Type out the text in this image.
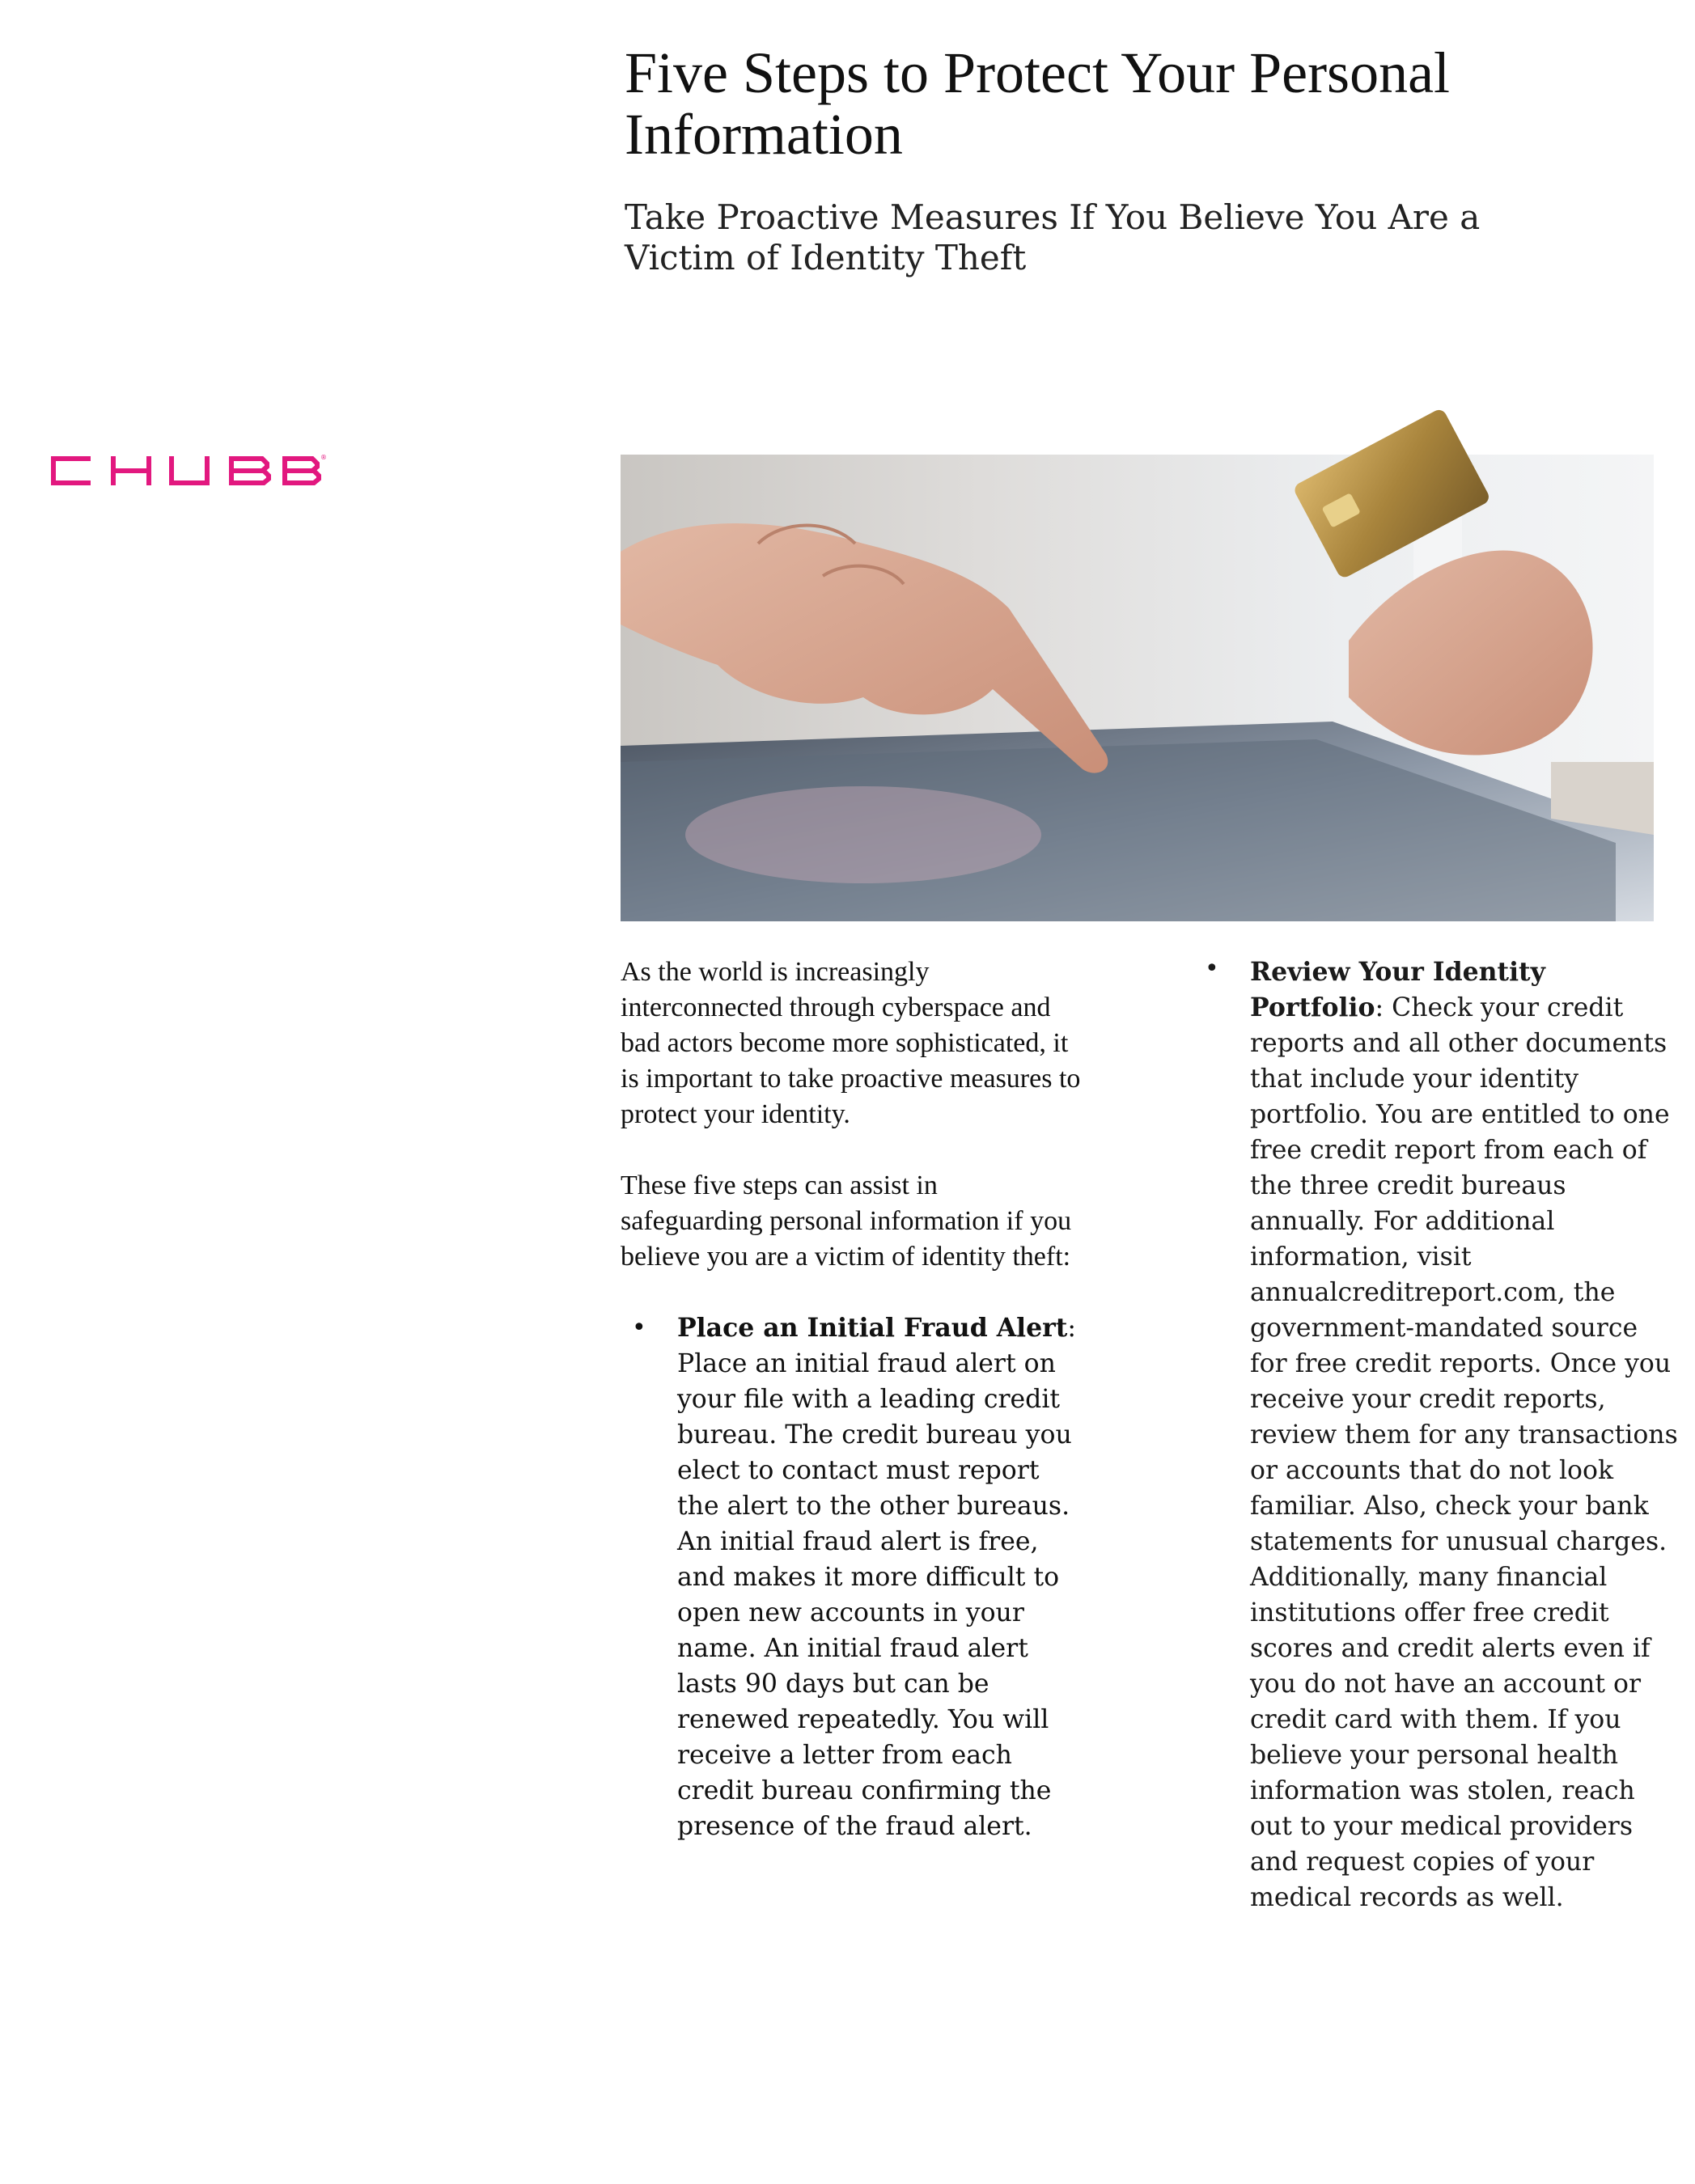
Five Steps to Protect Your Personal Information
Take Proactive Measures If You Believe You Are a Victim of Identity Theft
®

As the world is increasingly interconnected through cyberspace and bad actors become more sophisticated, it is important to take proactive measures to protect your identity.

These five steps can assist in safeguarding personal information if you believe you are a victim of identity theft:

• Place an Initial Fraud Alert: Place an initial fraud alert on your file with a leading credit bureau. The credit bureau you elect to contact must report the alert to the other bureaus. An initial fraud alert is free, and makes it more difficult to open new accounts in your name. An initial fraud alert lasts 90 days but can be renewed repeatedly. You will receive a letter from each credit bureau confirming the presence of the fraud alert.
• Review Your Identity Portfolio: Check your credit reports and all other documents that include your identity portfolio. You are entitled to one free credit report from each of the three credit bureaus annually. For additional information, visit annualcreditreport.com, the government-mandated source for free credit reports. Once you receive your credit reports, review them for any transactions or accounts that do not look familiar. Also, check your bank statements for unusual charges. Additionally, many financial institutions offer free credit scores and credit alerts even if you do not have an account or credit card with them. If you believe your personal health information was stolen, reach out to your medical providers and request copies of your medical records as well.
